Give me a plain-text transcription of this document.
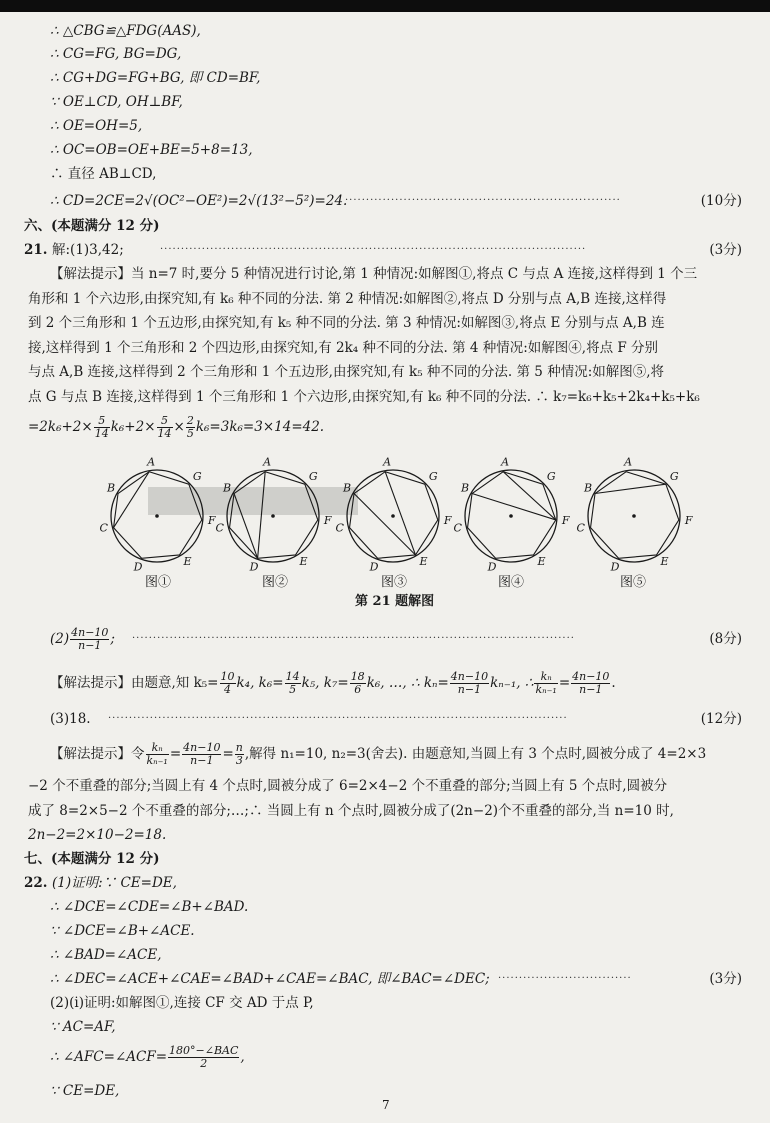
∴ △CBG≌△FDG(AAS),
∴ CG=FG, BG=DG,
∴ CG+DG=FG+BG, 即 CD=BF,
∵ OE⊥CD, OH⊥BF,
∴ OE=OH=5,
∴ OC=OB=OE+BE=5+8=13,
∴ 直径 AB⊥CD,
∴ CD=2CE=2√(OC²−OE²)=2√(13²−5²)=24.
··································································	(10分)
六、(本题满分 12 分)
21. 解:(1)3,42;	······································································································	(3分)
【解法提示】当 n=7 时,要分 5 种情况进行讨论,第 1 种情况:如解图①,将点 C 与点 A 连接,这样得到 1 个三
角形和 1 个六边形,由探究知,有 k₆ 种不同的分法. 第 2 种情况:如解图②,将点 D 分别与点 A,B 连接,这样得
到 2 个三角形和 1 个五边形,由探究知,有 k₅ 种不同的分法. 第 3 种情况:如解图③,将点 E 分别与点 A,B 连
接,这样得到 1 个三角形和 2 个四边形,由探究知,有 2k₄ 种不同的分法. 第 4 种情况:如解图④,将点 F 分别
与点 A,B 连接,这样得到 2 个三角形和 1 个五边形,由探究知,有 k₅ 种不同的分法. 第 5 种情况:如解图⑤,将
点 G 与点 B 连接,这样得到 1 个三角形和 1 个六边形,由探究知,有 k₆ 种不同的分法. ∴ k₇=k₆+k₅+2k₄+k₅+k₆
$=2k_6+2\times \frac{5}{14} k_6+2\times \frac{5}{14} \times \frac{2}{5} k_6=3k_6=3\times 14=42$.
A
B
C
D	E
F
G
A
B
C
D	E
F
G
A
B
C
D	E
F
G
A
B
C
D	E
F
G
A
B
C
D	E
F
G
图①	图②	图③	图④	图⑤
第 21 题解图
$(2) \frac{4n-10}{n-1}$ ; ··········································································································	(8分)
【解法提示】由题意,知 $k_5= \frac{10}{4} k_4$, $k_6= \frac{14}{5} k_5$, $k_7= \frac{18}{6} k_6$, …, ∴ $k_n= \frac{4n-10}{n-1} k_{n-1}$, ∴ $\frac{\text{kₙ}}{\text{kₙ₋₁}} = \frac{4n-10}{n-1}$ .
(3)18. ··············································································································	(12分)
【解法提示】令 $\frac{\text{kₙ}}{\text{kₙ₋₁}} = \frac{4n-10}{n-1} = \frac{n}{3}$ ,解得 n₁=10, n₂=3(舍去). 由题意知,当圆上有 3 个点时,圆被分成了 4=2×3
−2 个不重叠的部分;当圆上有 4 个点时,圆被分成了 6=2×4−2 个不重叠的部分;当圆上有 5 个点时,圆被分
成了 8=2×5−2 个不重叠的部分;…;∴ 当圆上有 n 个点时,圆被分成了(2n−2)个不重叠的部分,当 n=10 时,
2n−2=2×10−2=18.
七、(本题满分 12 分)
22. (1)证明:∵ CE=DE,
∴ ∠DCE=∠CDE=∠B+∠BAD.
∵ ∠DCE=∠B+∠ACE.
∴ ∠BAD=∠ACE,
∴ ∠DEC=∠ACE+∠CAE=∠BAD+∠CAE=∠BAC, 即∠BAC=∠DEC; ································	(3分)
(2)(i)证明:如解图①,连接 CF 交 AD 于点 P,
∵ AC=AF,
∴ ∠AFC=∠ACF= $\frac{\text{180°−∠BAC}}{2}$ ,
∵ CE=DE,
7
